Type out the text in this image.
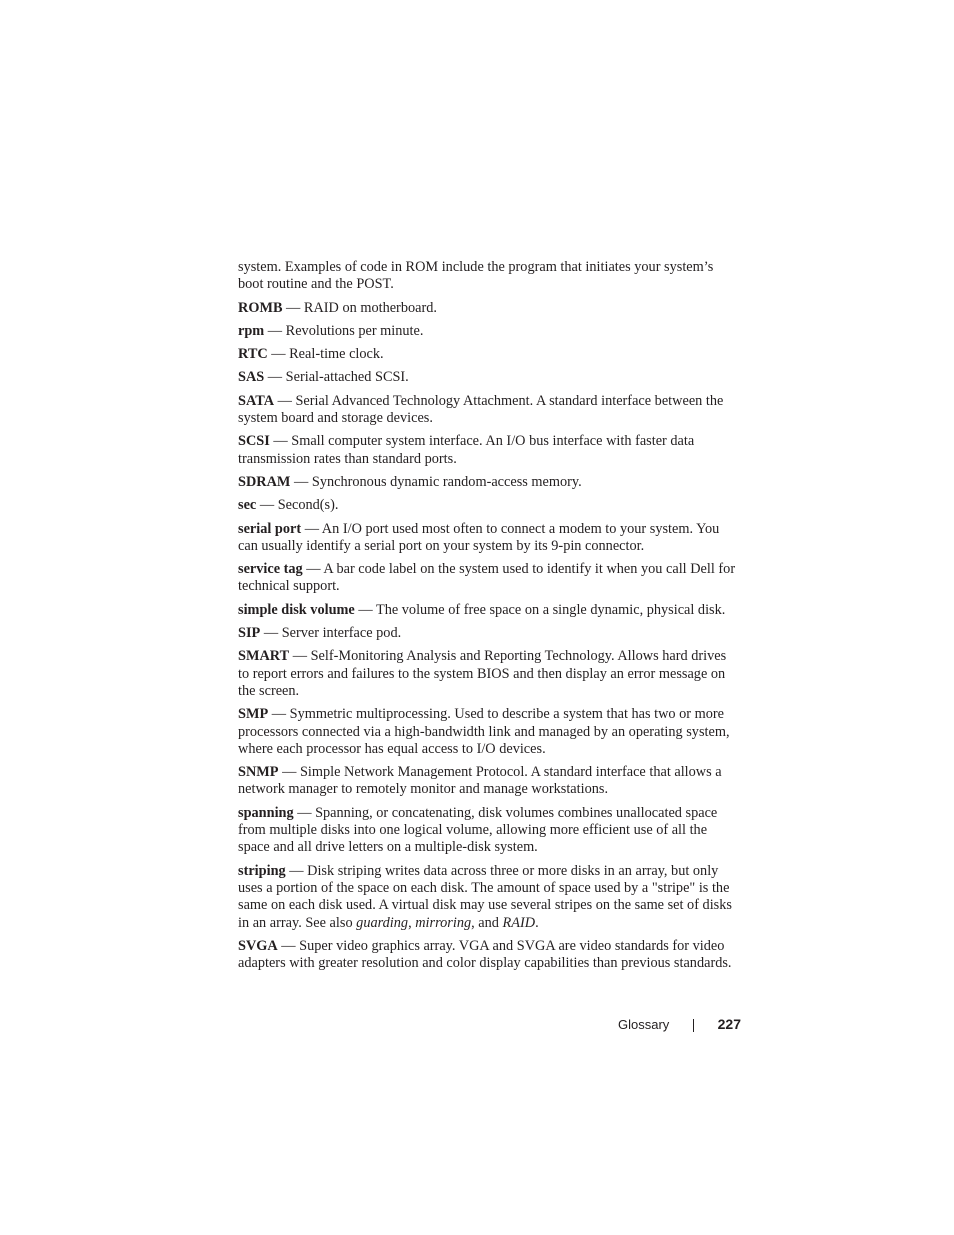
system. Examples of code in ROM include the program that initiates your system’s boot routine and the POST.

ROMB — RAID on motherboard.

rpm — Revolutions per minute.

RTC — Real-time clock.

SAS — Serial-attached SCSI.

SATA — Serial Advanced Technology Attachment. A standard interface between the system board and storage devices.

SCSI — Small computer system interface. An I/O bus interface with faster data transmission rates than standard ports.

SDRAM — Synchronous dynamic random-access memory.

sec — Second(s).

serial port — An I/O port used most often to connect a modem to your system. You can usually identify a serial port on your system by its 9-pin connector.

service tag — A bar code label on the system used to identify it when you call Dell for technical support.

simple disk volume — The volume of free space on a single dynamic, physical disk.

SIP — Server interface pod.

SMART — Self-Monitoring Analysis and Reporting Technology. Allows hard drives to report errors and failures to the system BIOS and then display an error message on the screen.

SMP — Symmetric multiprocessing. Used to describe a system that has two or more processors connected via a high-bandwidth link and managed by an operating system, where each processor has equal access to I/O devices.

SNMP — Simple Network Management Protocol. A standard interface that allows a network manager to remotely monitor and manage workstations.

spanning — Spanning, or concatenating, disk volumes combines unallocated space from multiple disks into one logical volume, allowing more efficient use of all the space and all drive letters on a multiple-disk system.

striping — Disk striping writes data across three or more disks in an array, but only uses a portion of the space on each disk. The amount of space used by a "stripe" is the same on each disk used. A virtual disk may use several stripes on the same set of disks in an array. See also guarding, mirroring, and RAID.

SVGA — Super video graphics array. VGA and SVGA are video standards for video adapters with greater resolution and color display capabilities than previous standards.

Glossary	227
